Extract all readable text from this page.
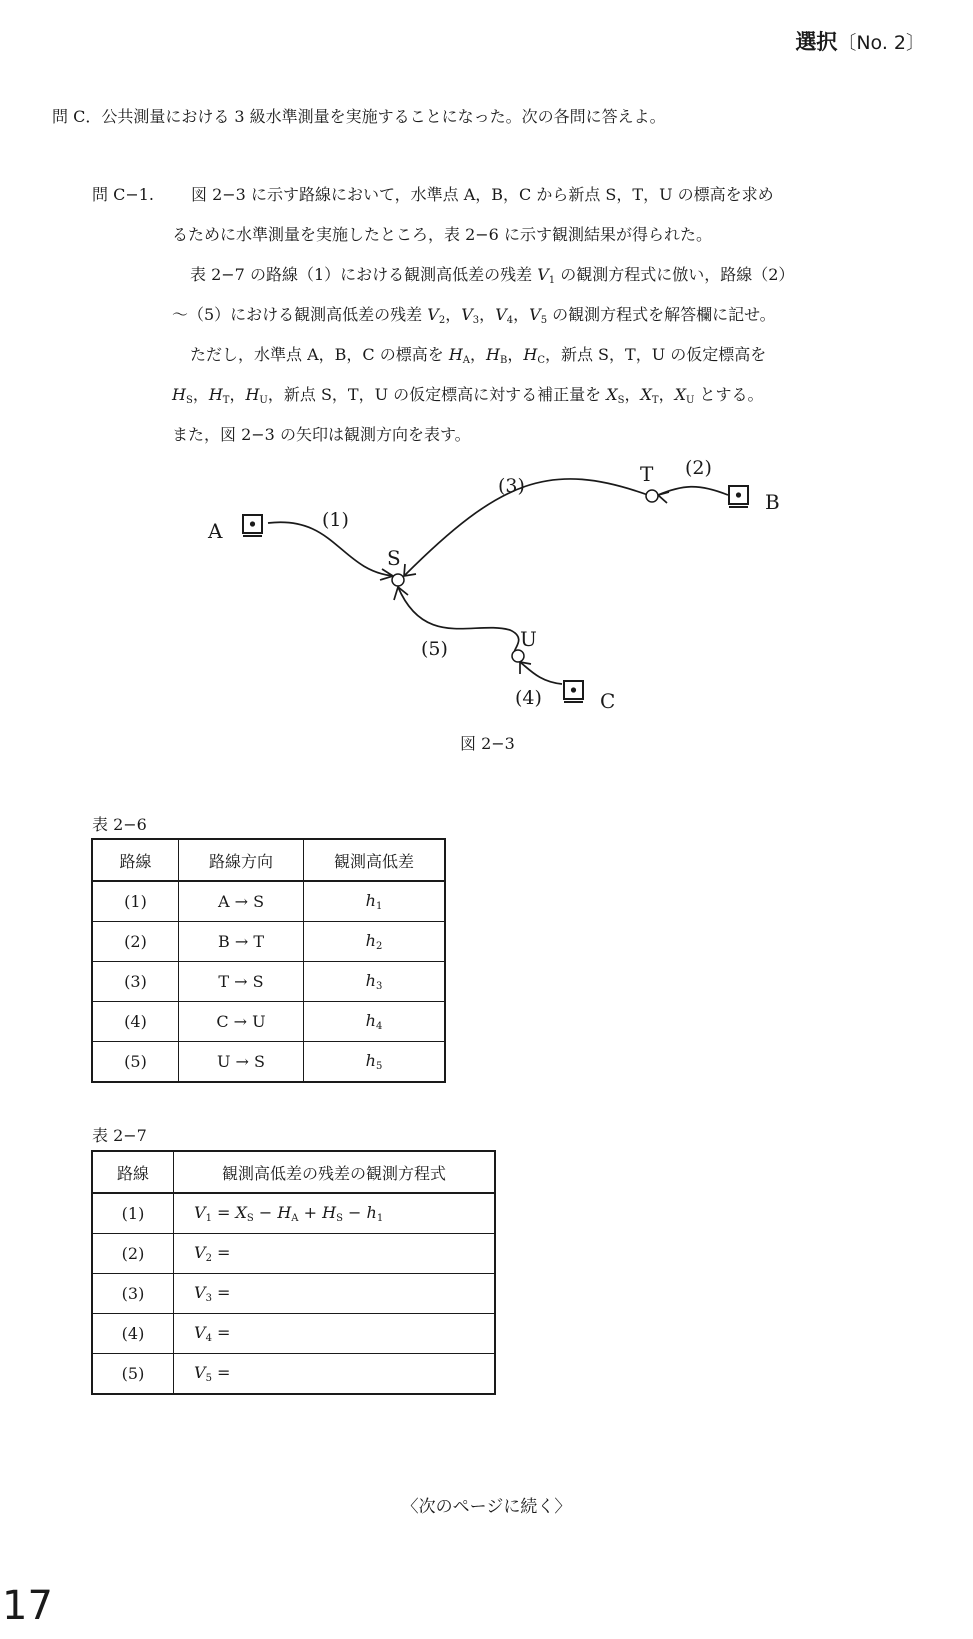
選択〔No. 2〕
問 C．公共測量における 3 級水準測量を実施することになった。次の各問に答えよ。
問 C−1. 図 2−3 に示す路線において，水準点 A，B，C から新点 S，T，U の標高を求め
るために水準測量を実施したところ，表 2−6 に示す観測結果が得られた。
表 2−7 の路線（1）における観測高低差の残差 $V_1$ の観測方程式に倣い，路線（2）
〜（5）における観測高低差の残差 $V_2$，$V_3$，$V_4$，$V_5$ の観測方程式を解答欄に記せ。
ただし，水準点 A，B，C の標高を $H_A$，$H_B$，$H_C$，新点 S，T，U の仮定標高を
$H_S$，$H_T$，$H_U$，新点 S，T，U の仮定標高に対する補正量を $X_S$，$X_T$，$X_U$ とする。
また，図 2−3 の矢印は観測方向を表す。
A
B
C
S
T
U
(1)
(2)
(3)
(4)
(5)
図 2−3
表 2−6
路線	路線方向	観測高低差
(1)	A → S	$h_1$
(2)	B → T	$h_2$
(3)	T → S	$h_3$
(4)	C → U	$h_4$
(5)	U → S	$h_5$
表 2−7
路線	観測高低差の残差の観測方程式
(1)	$V_1 = X_S - H_A + H_S - h_1$
(2)	$V_2$ =
(3)	$V_3$ =
(4)	$V_4$ =
(5)	$V_5$ =
〈次のページに続く〉
17
